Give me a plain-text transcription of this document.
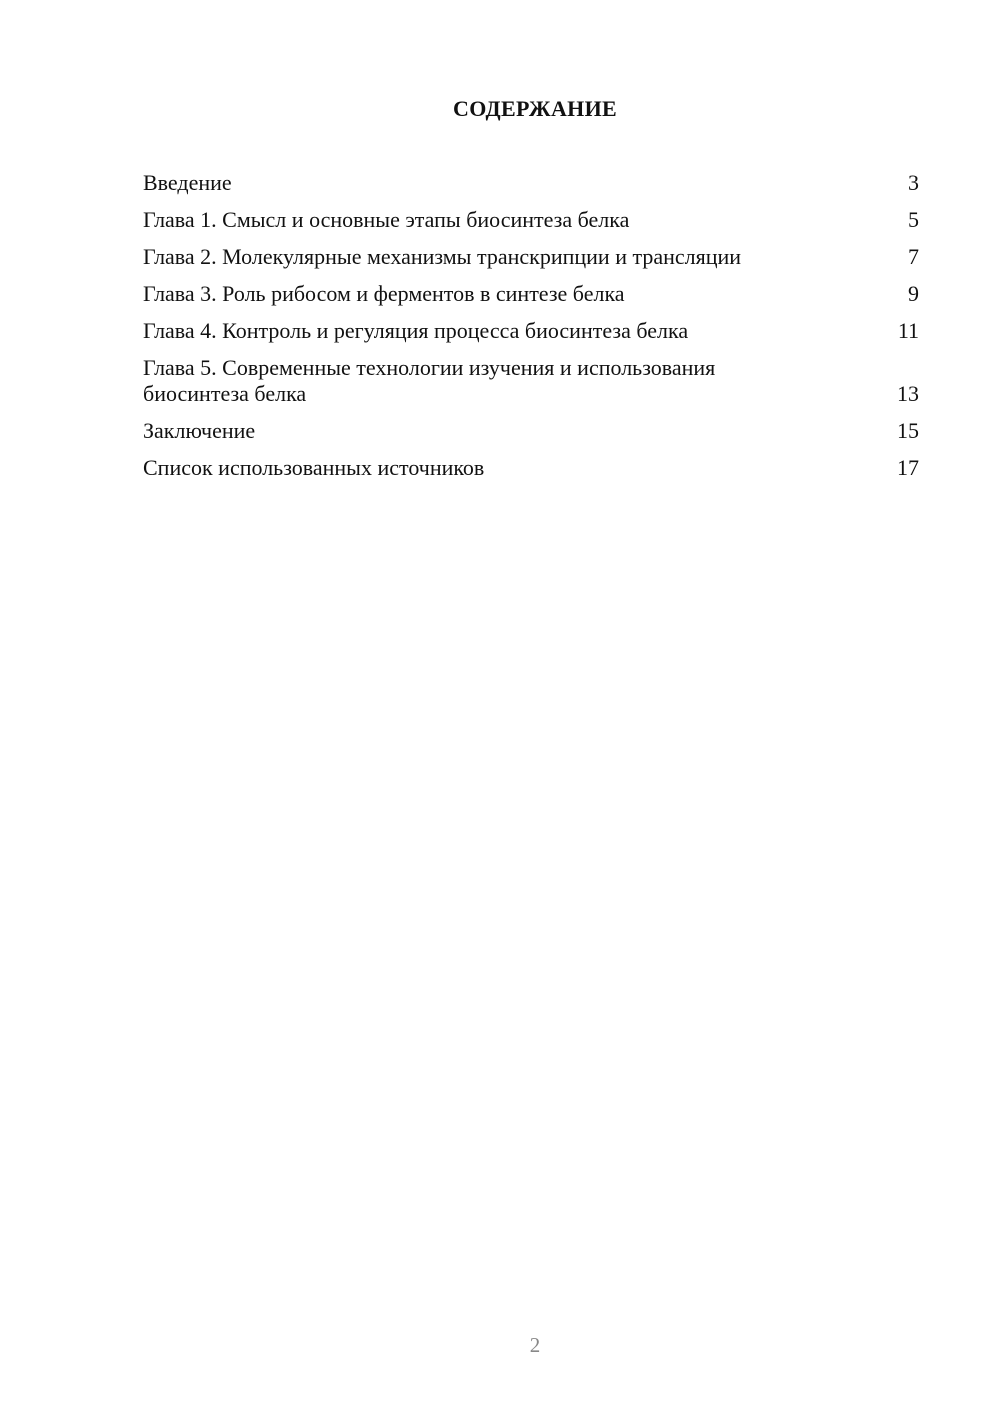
СОДЕРЖАНИЕ
Введение	3
Глава 1. Смысл и основные этапы биосинтеза белка	5
Глава 2. Молекулярные механизмы транскрипции и трансляции	7
Глава 3. Роль рибосом и ферментов в синтезе белка	9
Глава 4. Контроль и регуляция процесса биосинтеза белка	11
Глава 5. Современные технологии изучения и использования биосинтеза белка	13
Заключение	15
Список использованных источников	17
2
